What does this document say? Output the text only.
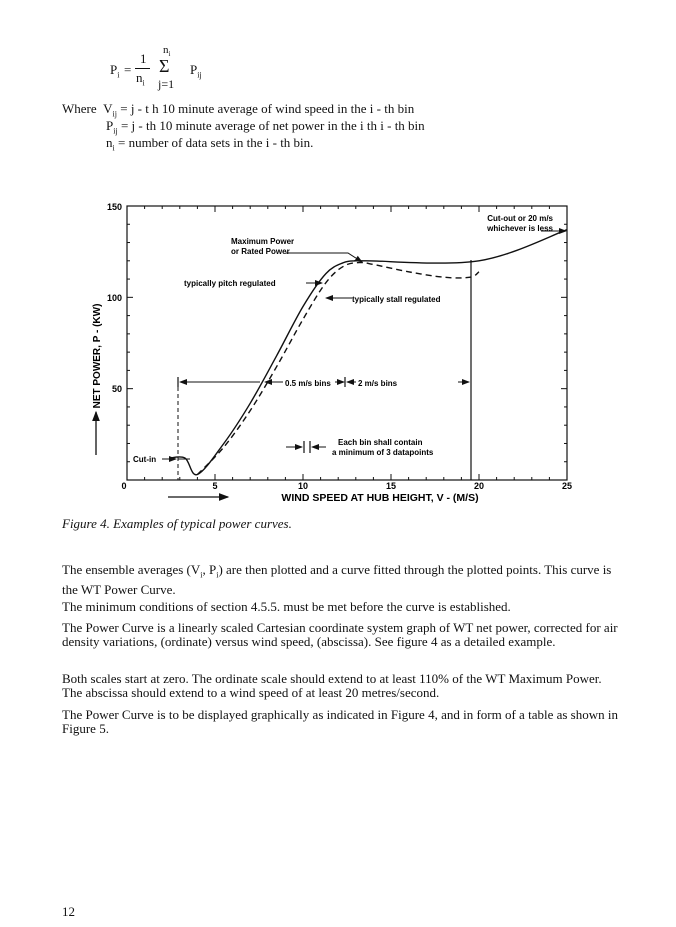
$P_i$ =
1
$n_i$
$n_i$
Σ
j=1
$P_{ij}$
Where  $V_{ij} = j - t$ h 10 minute average of wind speed in the i - th bin
$P_{ij} = j$ - th 10 minute average of net power in the i th i - th bin
$n_i$ = number of data sets in the i - th bin.
150
100
50
0	5	10	15	20	25
NET POWER, P - (KW)
WIND SPEED AT HUB HEIGHT, V - (M/S)
Cut-out or 20 m/s
whichever is less
Maximum Power
or Rated Power
typically pitch regulated
typically stall regulated
0.5 m/s bins	2 m/s bins
Each bin shall contain
a minimum of 3 datapoints
Cut-in
Figure 4. Examples of typical power curves.
The ensemble averages ($V_i$, $P_i$) are then plotted and a curve fitted through the plotted points. This curve is the WT Power Curve.
The minimum conditions of section 4.5.5. must be met before the curve is established.
The Power Curve is a linearly scaled Cartesian coordinate system graph of WT net power, corrected for air density variations, (ordinate) versus wind speed, (abscissa). See figure 4 as a detailed example.
Both scales start at zero. The ordinate scale should extend to at least 110% of the WT Maximum Power. The abscissa should extend to a wind speed of at least 20 metres/second.
The Power Curve is to be displayed graphically as indicated in Figure 4, and in form of a table as shown in Figure 5.
12
